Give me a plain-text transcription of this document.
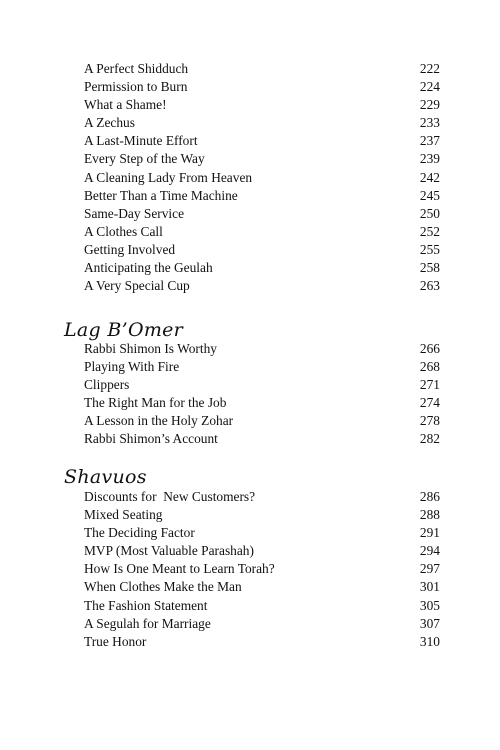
A Perfect Shidduch	222
Permission to Burn	224
What a Shame!	229
A Zechus	233
A Last-Minute Effort	237
Every Step of the Way	239
A Cleaning Lady From Heaven	242
Better Than a Time Machine	245
Same-Day Service	250
A Clothes Call	252
Getting Involved	255
Anticipating the Geulah	258
A Very Special Cup	263
Lag B’Omer
Rabbi Shimon Is Worthy	266
Playing With Fire	268
Clippers	271
The Right Man for the Job	274
A Lesson in the Holy Zohar	278
Rabbi Shimon’s Account	282
Shavuos
Discounts for  New Customers?	286
Mixed Seating	288
The Deciding Factor	291
MVP (Most Valuable Parashah)	294
How Is One Meant to Learn Torah?	297
When Clothes Make the Man	301
The Fashion Statement	305
A Segulah for Marriage	307
True Honor	310
